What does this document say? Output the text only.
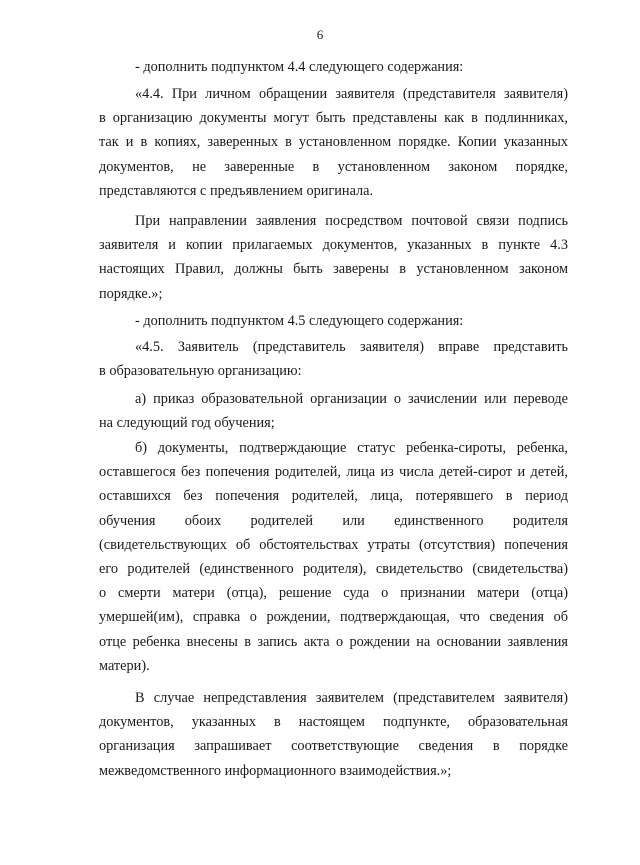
6
- дополнить подпунктом 4.4 следующего содержания:
«4.4. При личном обращении заявителя (представителя заявителя)
в организацию документы могут быть представлены как в подлинниках,
так и в копиях, заверенных в установленном порядке. Копии указанных
документов, не заверенные в установленном законом порядке,
представляются с предъявлением оригинала.
При направлении заявления посредством почтовой связи подпись
заявителя и копии прилагаемых документов, указанных в пункте 4.3
настоящих Правил, должны быть заверены в установленном законом
порядке.»;
- дополнить подпунктом 4.5 следующего содержания:
«4.5. Заявитель (представитель заявителя) вправе представить
в образовательную организацию:
а) приказ образовательной организации о зачислении или переводе
на следующий год обучения;
б) документы, подтверждающие статус ребенка-сироты, ребенка,
оставшегося без попечения родителей, лица из числа детей-сирот и детей,
оставшихся без попечения родителей, лица, потерявшего в период
обучения обоих родителей или единственного родителя
(свидетельствующих об обстоятельствах утраты (отсутствия) попечения
его родителей (единственного родителя), свидетельство (свидетельства)
о смерти матери (отца), решение суда о признании матери (отца)
умершей(им), справка о рождении, подтверждающая, что сведения об
отце ребенка внесены в запись акта о рождении на основании заявления
матери).
В случае непредставления заявителем (представителем заявителя)
документов, указанных в настоящем подпункте, образовательная
организация запрашивает соответствующие сведения в порядке
межведомственного информационного взаимодействия.»;
